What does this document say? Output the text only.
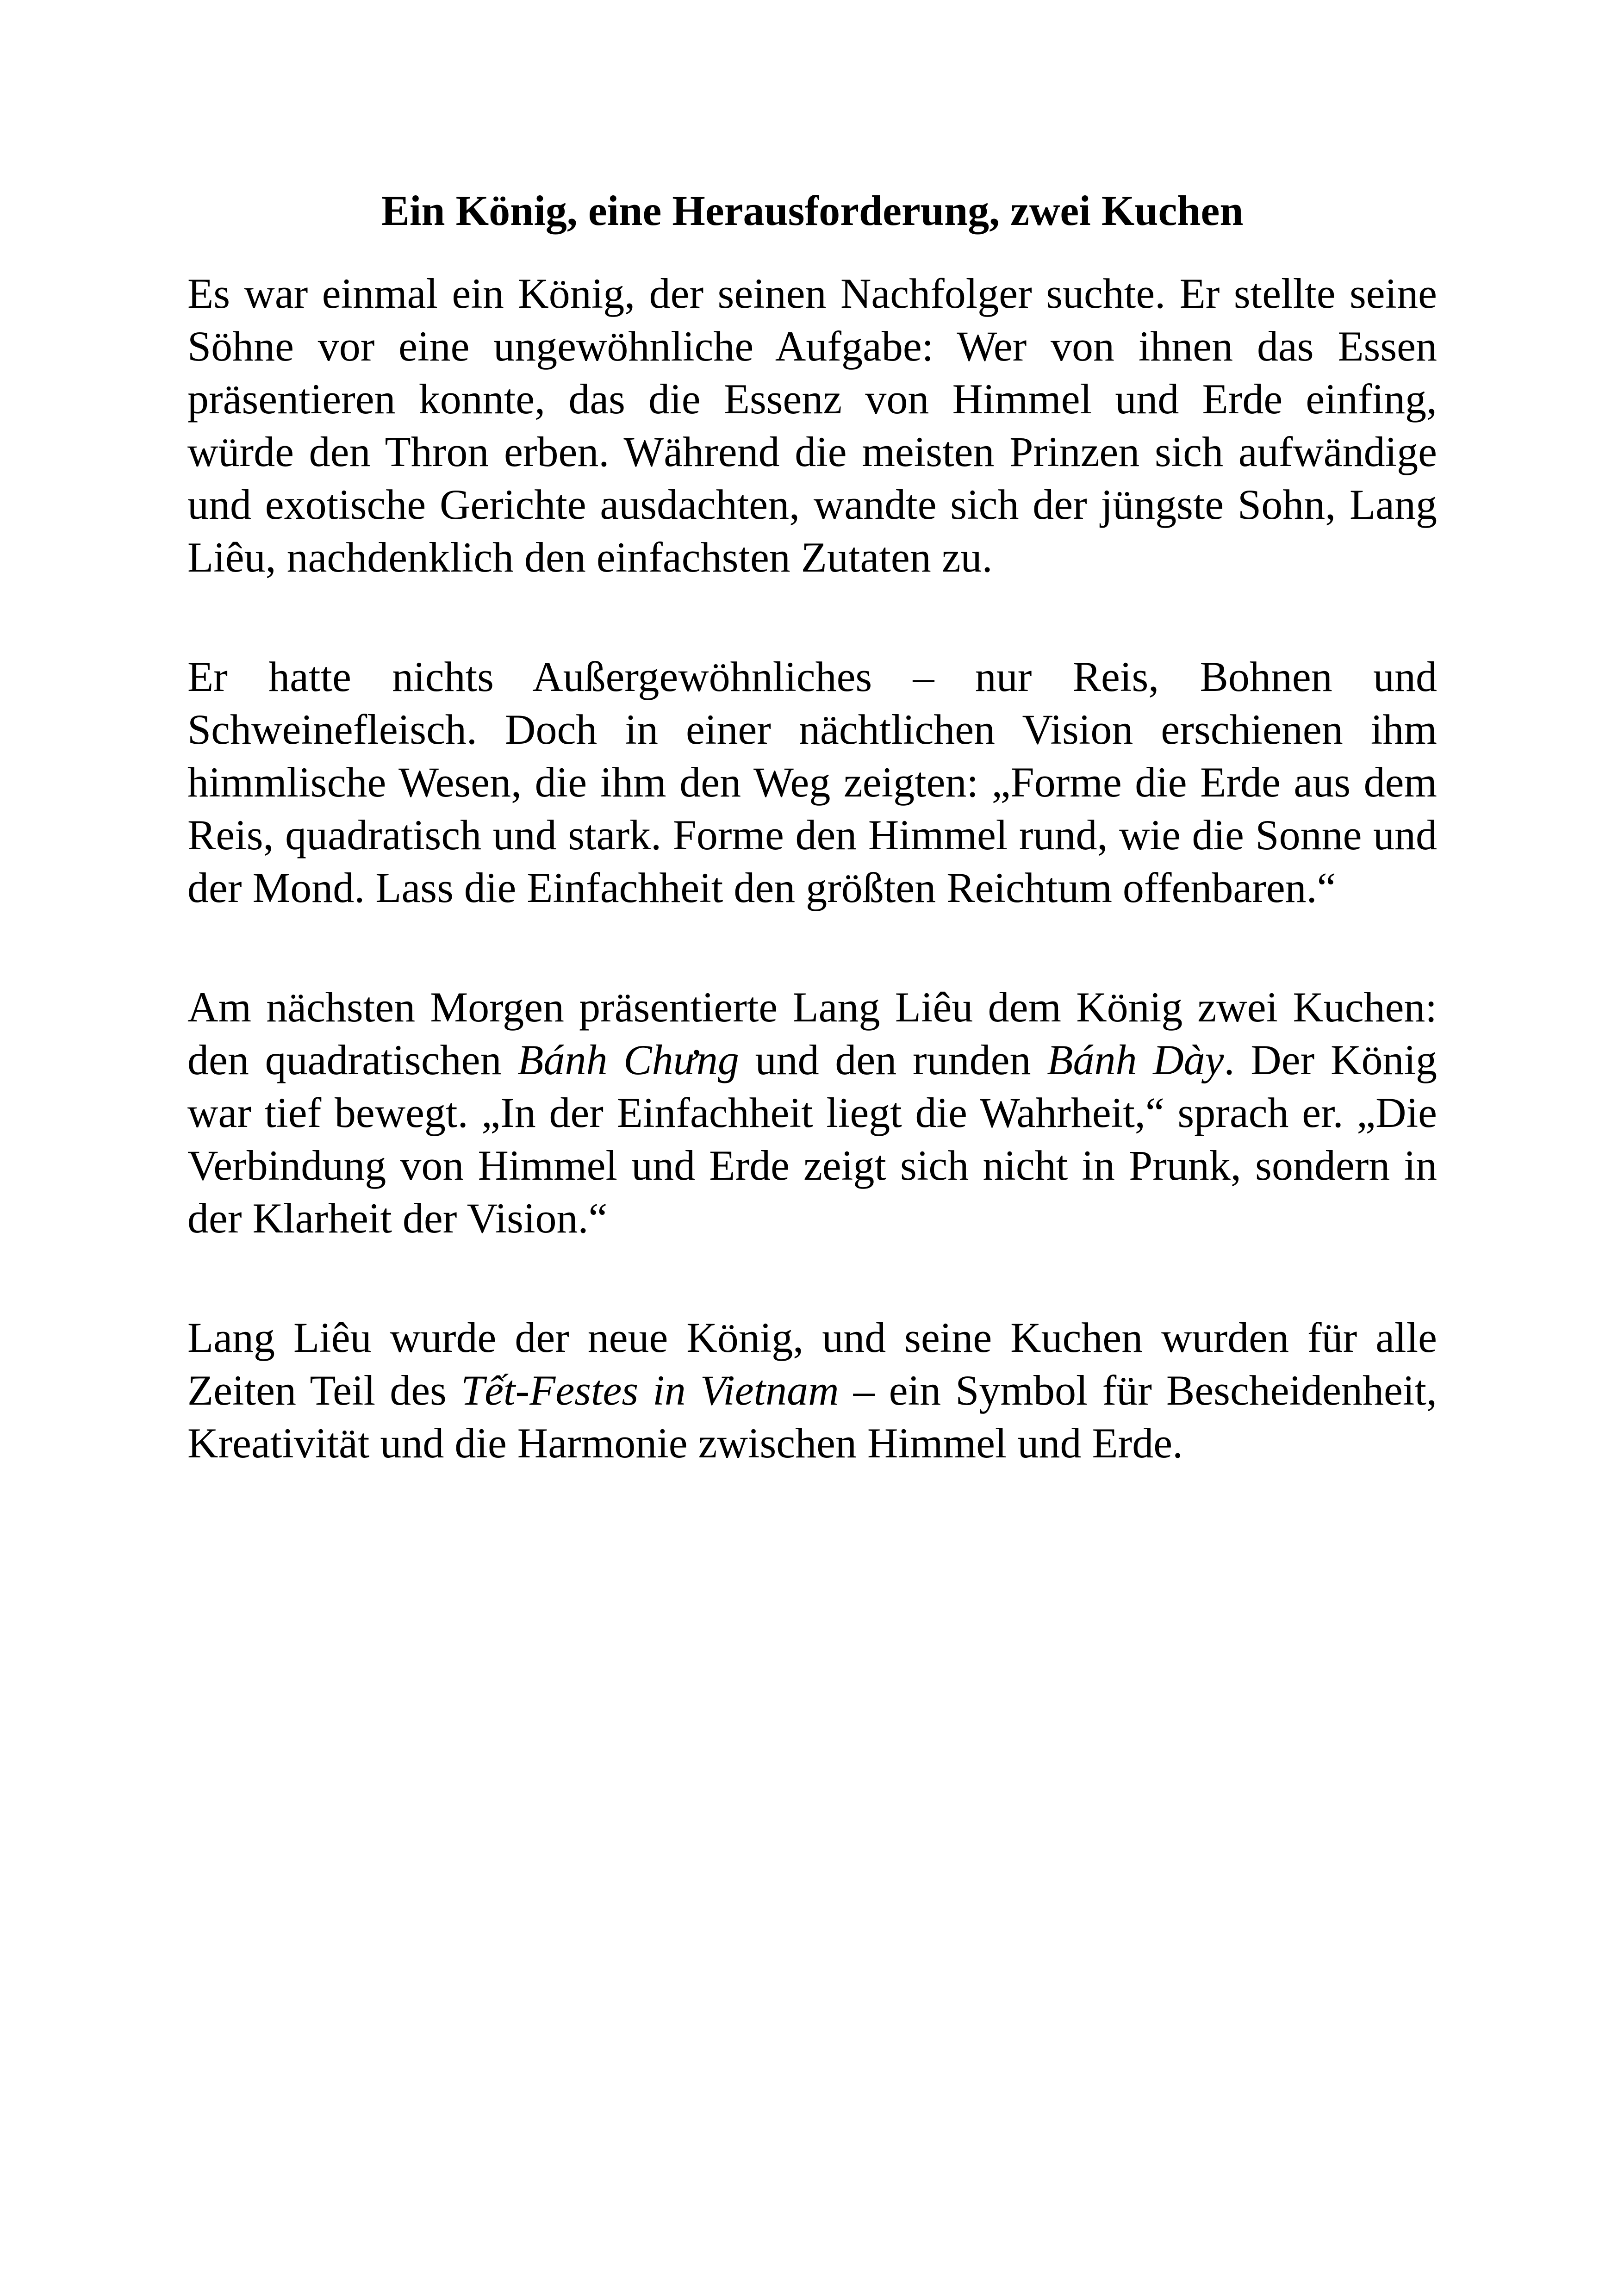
Ein König, eine Herausforderung, zwei Kuchen

Es war einmal ein König, der seinen Nachfolger suchte. Er stellte seine Söhne vor eine ungewöhnliche Aufgabe: Wer von ihnen das Essen präsentieren konnte, das die Essenz von Himmel und Erde einfing, würde den Thron erben. Während die meisten Prinzen sich aufwändige und exotische Gerichte ausdachten, wandte sich der jüngste Sohn, Lang Liêu, nachdenklich den einfachsten Zutaten zu.

Er hatte nichts Außergewöhnliches – nur Reis, Bohnen und Schweinefleisch. Doch in einer nächtlichen Vision erschienen ihm himmlische Wesen, die ihm den Weg zeigten: „Forme die Erde aus dem Reis, quadratisch und stark. Forme den Himmel rund, wie die Sonne und der Mond. Lass die Einfachheit den größten Reichtum offenbaren.“

Am nächsten Morgen präsentierte Lang Liêu dem König zwei Kuchen: den quadratischen Bánh Chưng und den runden Bánh Dày. Der König war tief bewegt. „In der Einfachheit liegt die Wahrheit,“ sprach er. „Die Verbindung von Himmel und Erde zeigt sich nicht in Prunk, sondern in der Klarheit der Vision.“

Lang Liêu wurde der neue König, und seine Kuchen wurden für alle Zeiten Teil des Tết-Festes in Vietnam – ein Symbol für Bescheidenheit, Kreativität und die Harmonie zwischen Himmel und Erde.
